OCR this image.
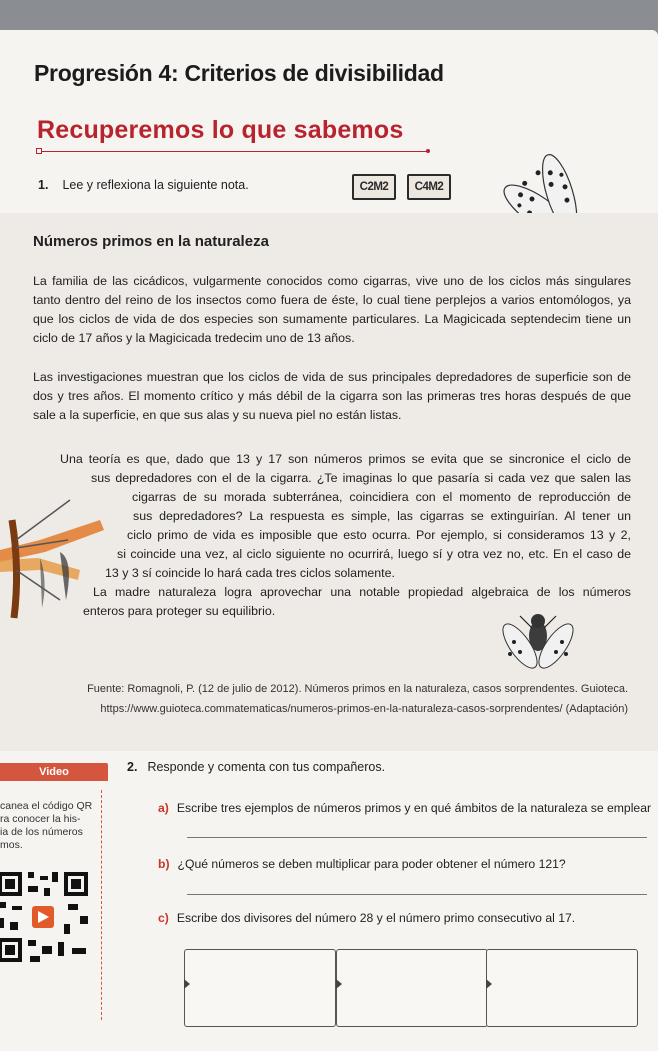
Progresión 4: Criterios de divisibilidad
Recuperemos lo que sabemos
1. Lee y reflexiona la siguiente nota.	C2M2	C4M2
Números primos en la naturaleza
La familia de las cicádicos, vulgarmente conocidos como cigarras, vive uno de los ciclos más singulares tanto dentro del reino de los insectos como fuera de éste, lo cual tiene perplejos a varios entomólogos, ya que los ciclos de vida de dos especies son sumamente particulares. La Magicicada septendecim tiene un ciclo de 17 años y la Magicicada tredecim uno de 13 años.
Las investigaciones muestran que los ciclos de vida de sus principales depredadores de superficie son de dos y tres años. El momento crítico y más débil de la cigarra son las primeras tres horas después de que sale a la superficie, en que sus alas y su nueva piel no están listas.
Una teoría es que, dado que 13 y 17 son números primos se evita que se sincronice el ciclo de
sus depredadores con el de la cigarra. ¿Te imaginas lo que pasaría si cada vez que salen las
cigarras de su morada subterránea, coincidiera con el momento de reproducción de
sus depredadores? La respuesta es simple, las cigarras se extinguirían. Al tener un
ciclo primo de vida es imposible que esto ocurra. Por ejemplo, si consideramos 13 y 2,
si coincide una vez, al ciclo siguiente no ocurrirá, luego sí y otra vez no, etc. En el caso de
13 y 3 sí coincide lo hará cada tres ciclos solamente.
La madre naturaleza logra aprovechar una notable propiedad algebraica de los números
enteros para proteger su equilibrio.
Fuente: Romagnoli, P. (12 de julio de 2012). Números primos en la naturaleza, casos sorprendentes. Guioteca.
https://www.guioteca.commatematicas/numeros-primos-en-la-naturaleza-casos-sorprendentes/ (Adaptación)
Video
canea el código QR
ra conocer la his-
ia de los números
mos.
2. Responde y comenta con tus compañeros.
a) Escribe tres ejemplos de números primos y en qué ámbitos de la naturaleza se emplear
b) ¿Qué números se deben multiplicar para poder obtener el número 121?
c) Escribe dos divisores del número 28 y el número primo consecutivo al 17.
